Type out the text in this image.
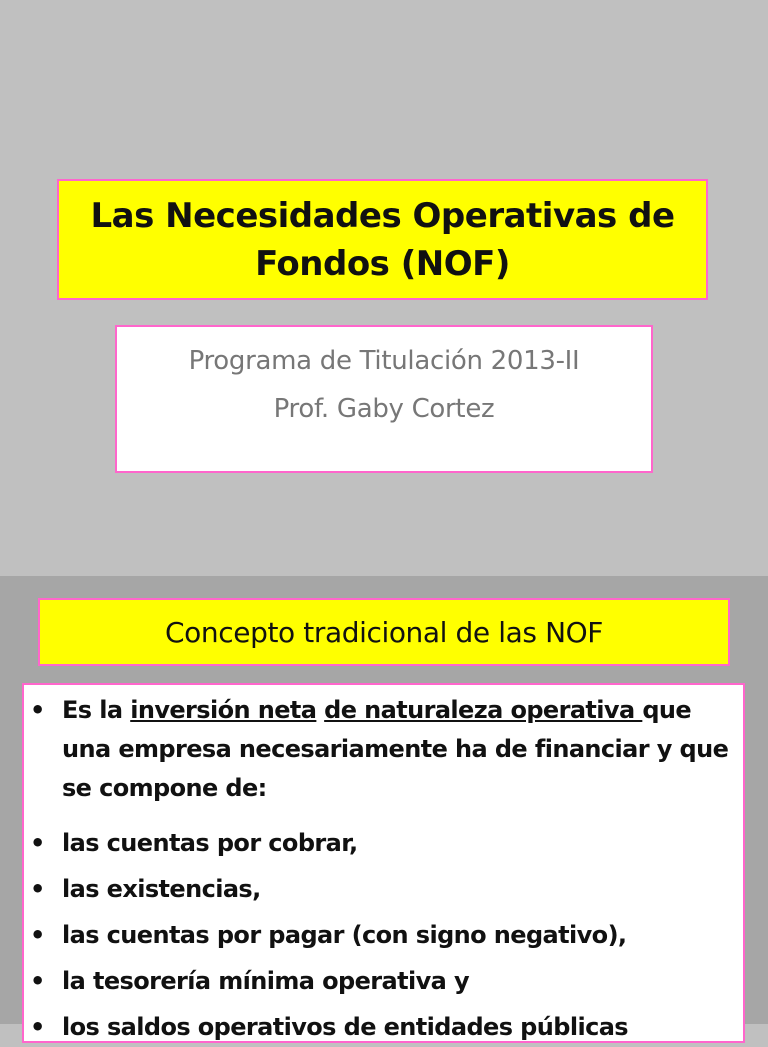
Las Necesidades Operativas de
Fondos (NOF)
Programa de Titulación 2013-II
Prof. Gaby Cortez
Concepto tradicional de las NOF
• Es la inversión neta de naturaleza operativa que una empresa necesariamente ha de financiar y que se compone de:
• las cuentas por cobrar,
• las existencias,
• las cuentas por pagar (con signo negativo),
• la tesorería mínima operativa y
• los saldos operativos de entidades públicas
